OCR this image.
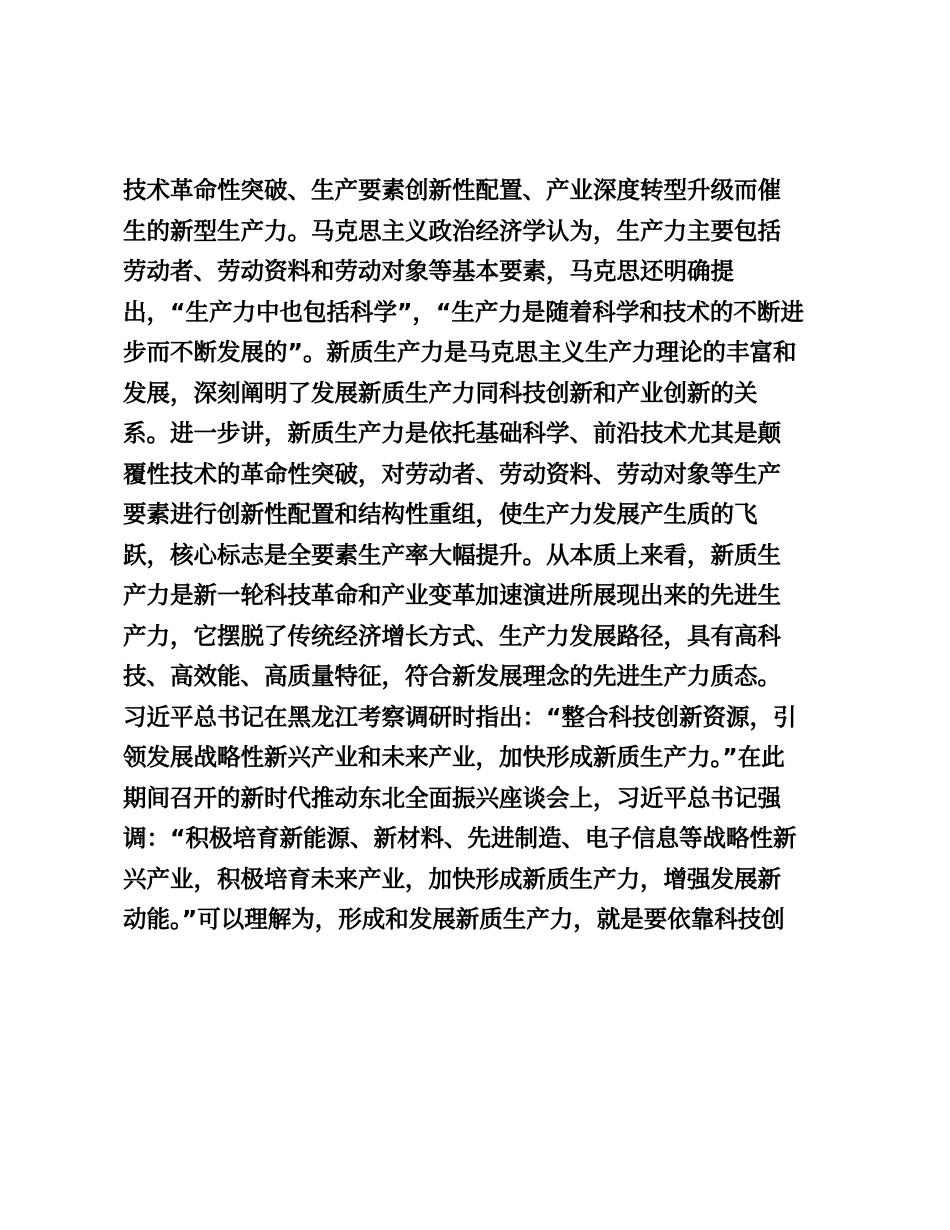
技术革命性突破、生产要素创新性配置、产业深度转型升级而催
生的新型生产力。马克思主义政治经济学认为，生产力主要包括
劳动者、劳动资料和劳动对象等基本要素，马克思还明确提
出，“生产力中也包括科学”，“生产力是随着科学和技术的不断进
步而不断发展的”。新质生产力是马克思主义生产力理论的丰富和
发展，深刻阐明了发展新质生产力同科技创新和产业创新的关
系。进一步讲，新质生产力是依托基础科学、前沿技术尤其是颠
覆性技术的革命性突破，对劳动者、劳动资料、劳动对象等生产
要素进行创新性配置和结构性重组，使生产力发展产生质的飞
跃，核心标志是全要素生产率大幅提升。从本质上来看，新质生
产力是新一轮科技革命和产业变革加速演进所展现出来的先进生
产力，它摆脱了传统经济增长方式、生产力发展路径，具有高科
技、高效能、高质量特征，符合新发展理念的先进生产力质态。
习近平总书记在黑龙江考察调研时指出：“整合科技创新资源，引
领发展战略性新兴产业和未来产业，加快形成新质生产力。”在此
期间召开的新时代推动东北全面振兴座谈会上，习近平总书记强
调：“积极培育新能源、新材料、先进制造、电子信息等战略性新
兴产业，积极培育未来产业，加快形成新质生产力，增强发展新
动能。”可以理解为，形成和发展新质生产力，就是要依靠科技创
